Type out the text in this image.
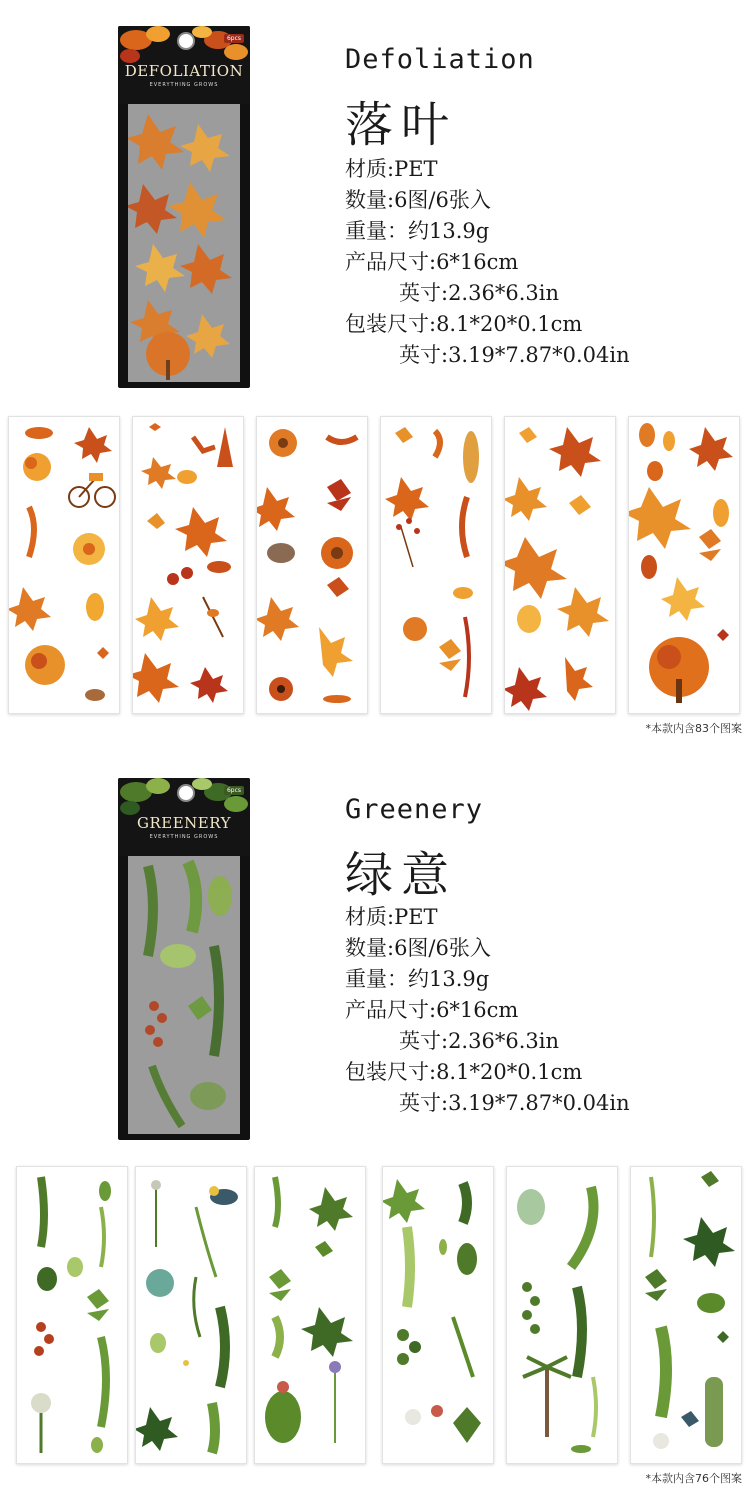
6pcs
DEFOLIATION
EVERYTHING GROWS
Defoliation
落叶
材质:PET
数量:6图/6张入
重量：约13.9g
产品尺寸:6*16cm
英寸:2.36*6.3in
包装尺寸:8.1*20*0.1cm
英寸:3.19*7.87*0.04in
*本款内含83个图案
6pcs
GREENERY
EVERYTHING GROWS
Greenery
绿意
材质:PET
数量:6图/6张入
重量：约13.9g
产品尺寸:6*16cm
英寸:2.36*6.3in
包装尺寸:8.1*20*0.1cm
英寸:3.19*7.87*0.04in
*本款内含76个图案
